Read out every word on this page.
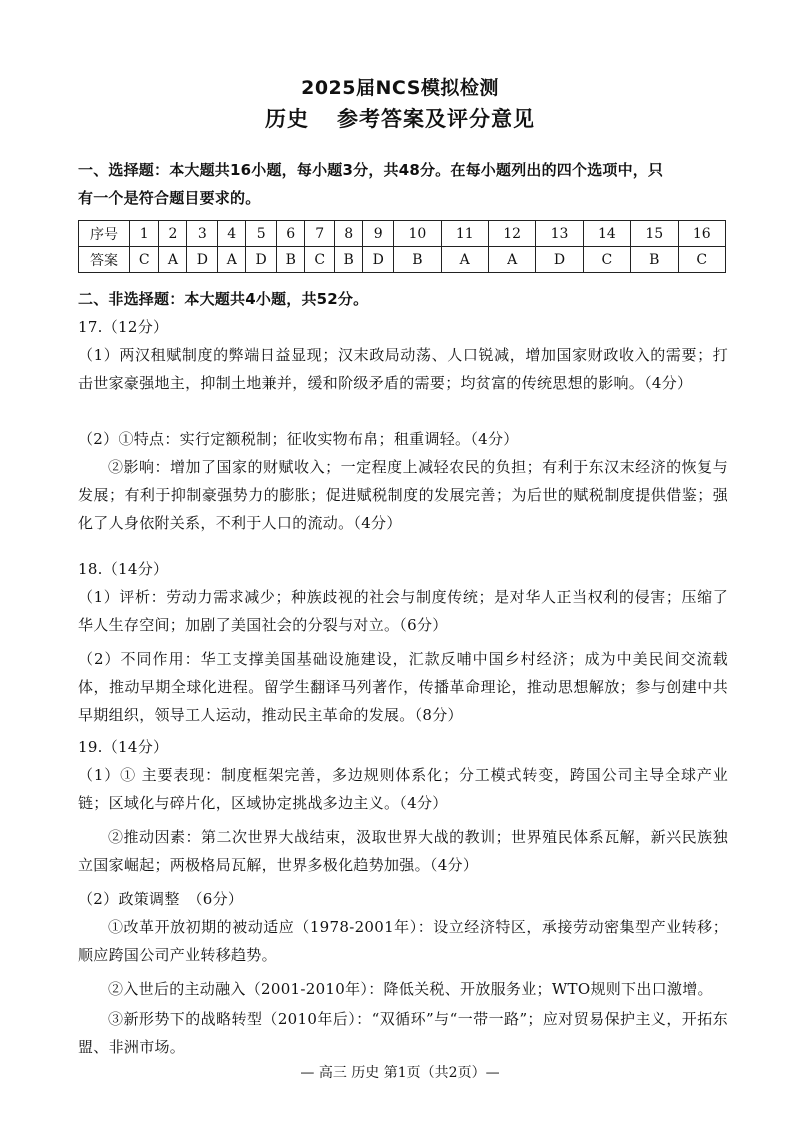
2025届NCS模拟检测
历史 参考答案及评分意见
一、选择题：本大题共16小题，每小题3分，共48分。在每小题列出的四个选项中，只
有一个是符合题目要求的。
序号	1	2	3	4	5	6	7	8	9	10	11	12	13	14	15	16
答案	C	A	D	A	D	B	C	B	D	B	A	A	D	C	B	C
二、非选择题：本大题共4小题，共52分。
17.（12分）
（1）两汉租赋制度的弊端日益显现；汉末政局动荡、人口锐减，增加国家财政收入的需要；打击世家豪强地主，抑制土地兼并，缓和阶级矛盾的需要；均贫富的传统思想的影响。（4分）
（2）①特点：实行定额税制；征收实物布帛；租重调轻。（4分）
②影响：增加了国家的财赋收入；一定程度上减轻农民的负担；有利于东汉末经济的恢复与发展；有利于抑制豪强势力的膨胀；促进赋税制度的发展完善；为后世的赋税制度提供借鉴；强化了人身依附关系，不利于人口的流动。（4分）
18.（14分）
（1）评析：劳动力需求减少；种族歧视的社会与制度传统；是对华人正当权利的侵害；压缩了华人生存空间；加剧了美国社会的分裂与对立。（6分）
（2）不同作用：华工支撑美国基础设施建设，汇款反哺中国乡村经济；成为中美民间交流载体，推动早期全球化进程。留学生翻译马列著作，传播革命理论，推动思想解放；参与创建中共早期组织，领导工人运动，推动民主革命的发展。（8分）
19.（14分）
（1）① 主要表现：制度框架完善，多边规则体系化；分工模式转变，跨国公司主导全球产业链；区域化与碎片化，区域协定挑战多边主义。（4分）
②推动因素：第二次世界大战结束，汲取世界大战的教训；世界殖民体系瓦解，新兴民族独立国家崛起；两极格局瓦解，世界多极化趋势加强。（4分）
（2）政策调整　（6分）
①改革开放初期的被动适应（1978-2001年）：设立经济特区，承接劳动密集型产业转移；顺应跨国公司产业转移趋势。
②入世后的主动融入（2001-2010年）：降低关税、开放服务业；WTO规则下出口激增。
③新形势下的战略转型（2010年后）：“双循环”与“一带一路”；应对贸易保护主义，开拓东盟、非洲市场。
— 高三 历史 第1页（共2页）—
